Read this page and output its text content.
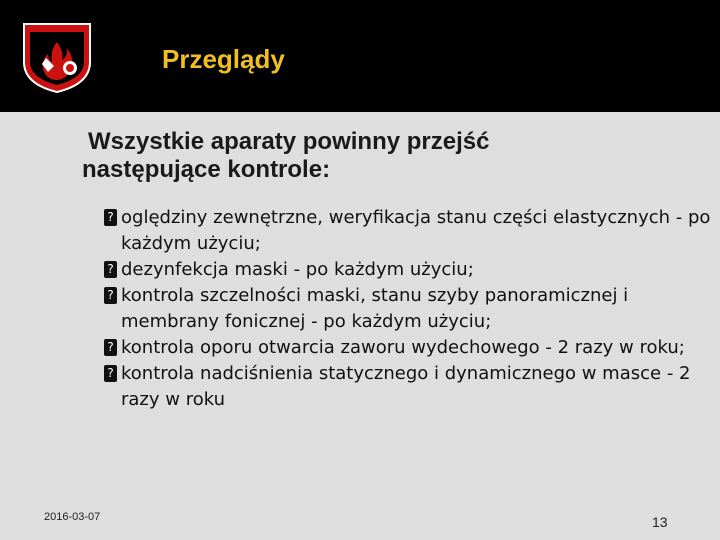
Przeglądy
Wszystkie aparaty powinny przejść
następujące kontrole:
? oględziny zewnętrzne, weryfikacja stanu części elastycznych - po każdym użyciu;
? dezynfekcja maski - po każdym użyciu;
? kontrola szczelności maski, stanu szyby panoramicznej i membrany fonicznej - po każdym użyciu;
? kontrola oporu otwarcia zaworu wydechowego - 2 razy w roku;
? kontrola nadciśnienia statycznego i dynamicznego w masce - 2 razy w roku
2016-03-07	13
